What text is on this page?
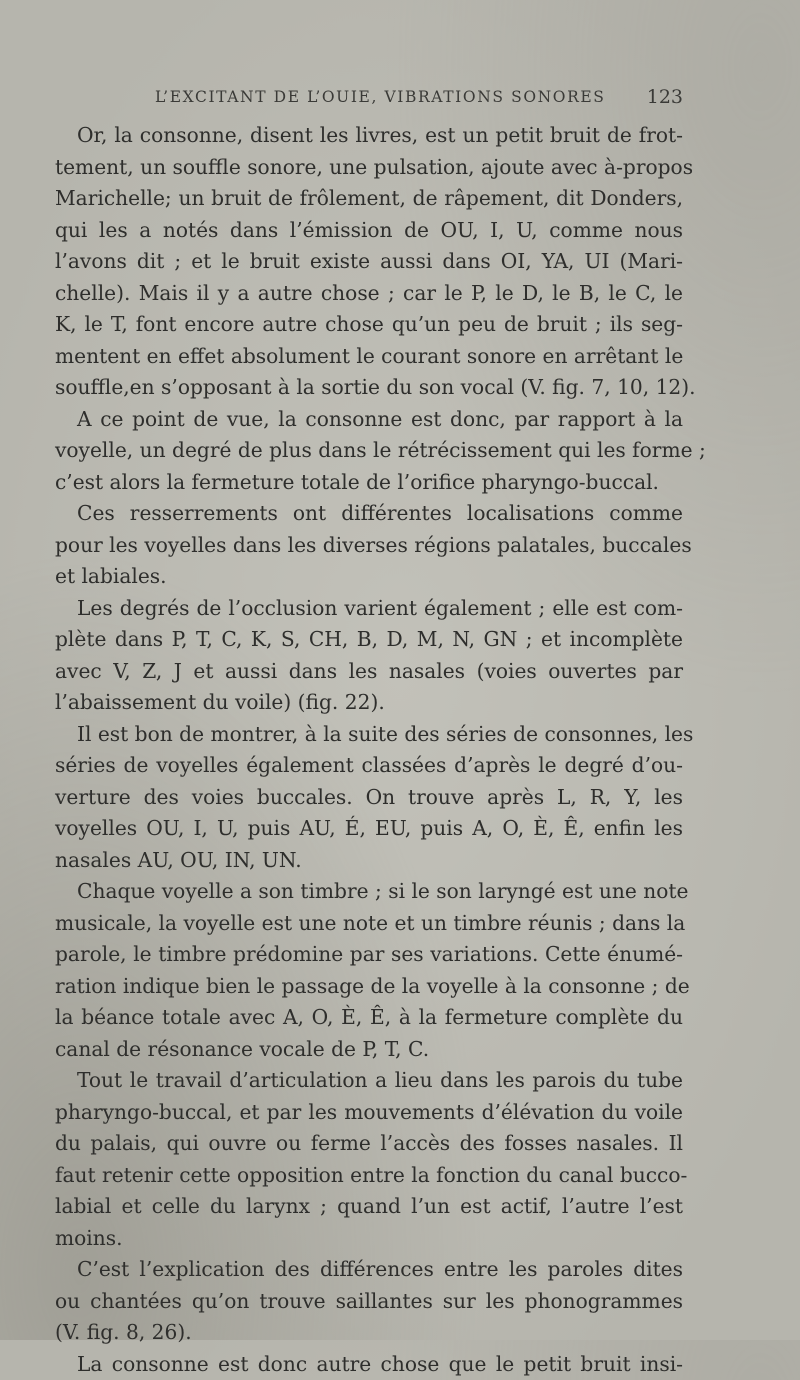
L’EXCITANT DE L’OUIE, VIBRATIONS SONORES 123
Or, la consonne, disent les livres, est un petit bruit de frot-
tement, un souffle sonore, une pulsation, ajoute avec à-propos
Marichelle; un bruit de frôlement, de râpement, dit Donders,
qui les a notés dans l’émission de OU, I, U, comme nous
l’avons dit ; et le bruit existe aussi dans OI, YA, UI (Mari-
chelle). Mais il y a autre chose ; car le P, le D, le B, le C, le
K, le T, font encore autre chose qu’un peu de bruit ; ils seg-
mentent en effet absolument le courant sonore en arrêtant le
souffle,en s’opposant à la sortie du son vocal (V. fig. 7, 10, 12).
A ce point de vue, la consonne est donc, par rapport à la
voyelle, un degré de plus dans le rétrécissement qui les forme ;
c’est alors la fermeture totale de l’orifice pharyngo-buccal.
Ces resserrements ont différentes localisations comme
pour les voyelles dans les diverses régions palatales, buccales
et labiales.
Les degrés de l’occlusion varient également ; elle est com-
plète dans P, T, C, K, S, CH, B, D, M, N, GN ; et incomplète
avec V, Z, J et aussi dans les nasales (voies ouvertes par
l’abaissement du voile) (fig. 22).
Il est bon de montrer, à la suite des séries de consonnes, les
séries de voyelles également classées d’après le degré d’ou-
verture des voies buccales. On trouve après L, R, Y, les
voyelles OU, I, U, puis AU, É, EU, puis A, O, È, Ê, enfin les
nasales AU, OU, IN, UN.
Chaque voyelle a son timbre ; si le son laryngé est une note
musicale, la voyelle est une note et un timbre réunis ; dans la
parole, le timbre prédomine par ses variations. Cette énumé-
ration indique bien le passage de la voyelle à la consonne ; de
la béance totale avec A, O, È, Ê, à la fermeture complète du
canal de résonance vocale de P, T, C.
Tout le travail d’articulation a lieu dans les parois du tube
pharyngo-buccal, et par les mouvements d’élévation du voile
du palais, qui ouvre ou ferme l’accès des fosses nasales. Il
faut retenir cette opposition entre la fonction du canal bucco-
labial et celle du larynx ; quand l’un est actif, l’autre l’est
moins.
C’est l’explication des différences entre les paroles dites
ou chantées qu’on trouve saillantes sur les phonogrammes
(V. fig. 8, 26).
La consonne est donc autre chose que le petit bruit insi-
